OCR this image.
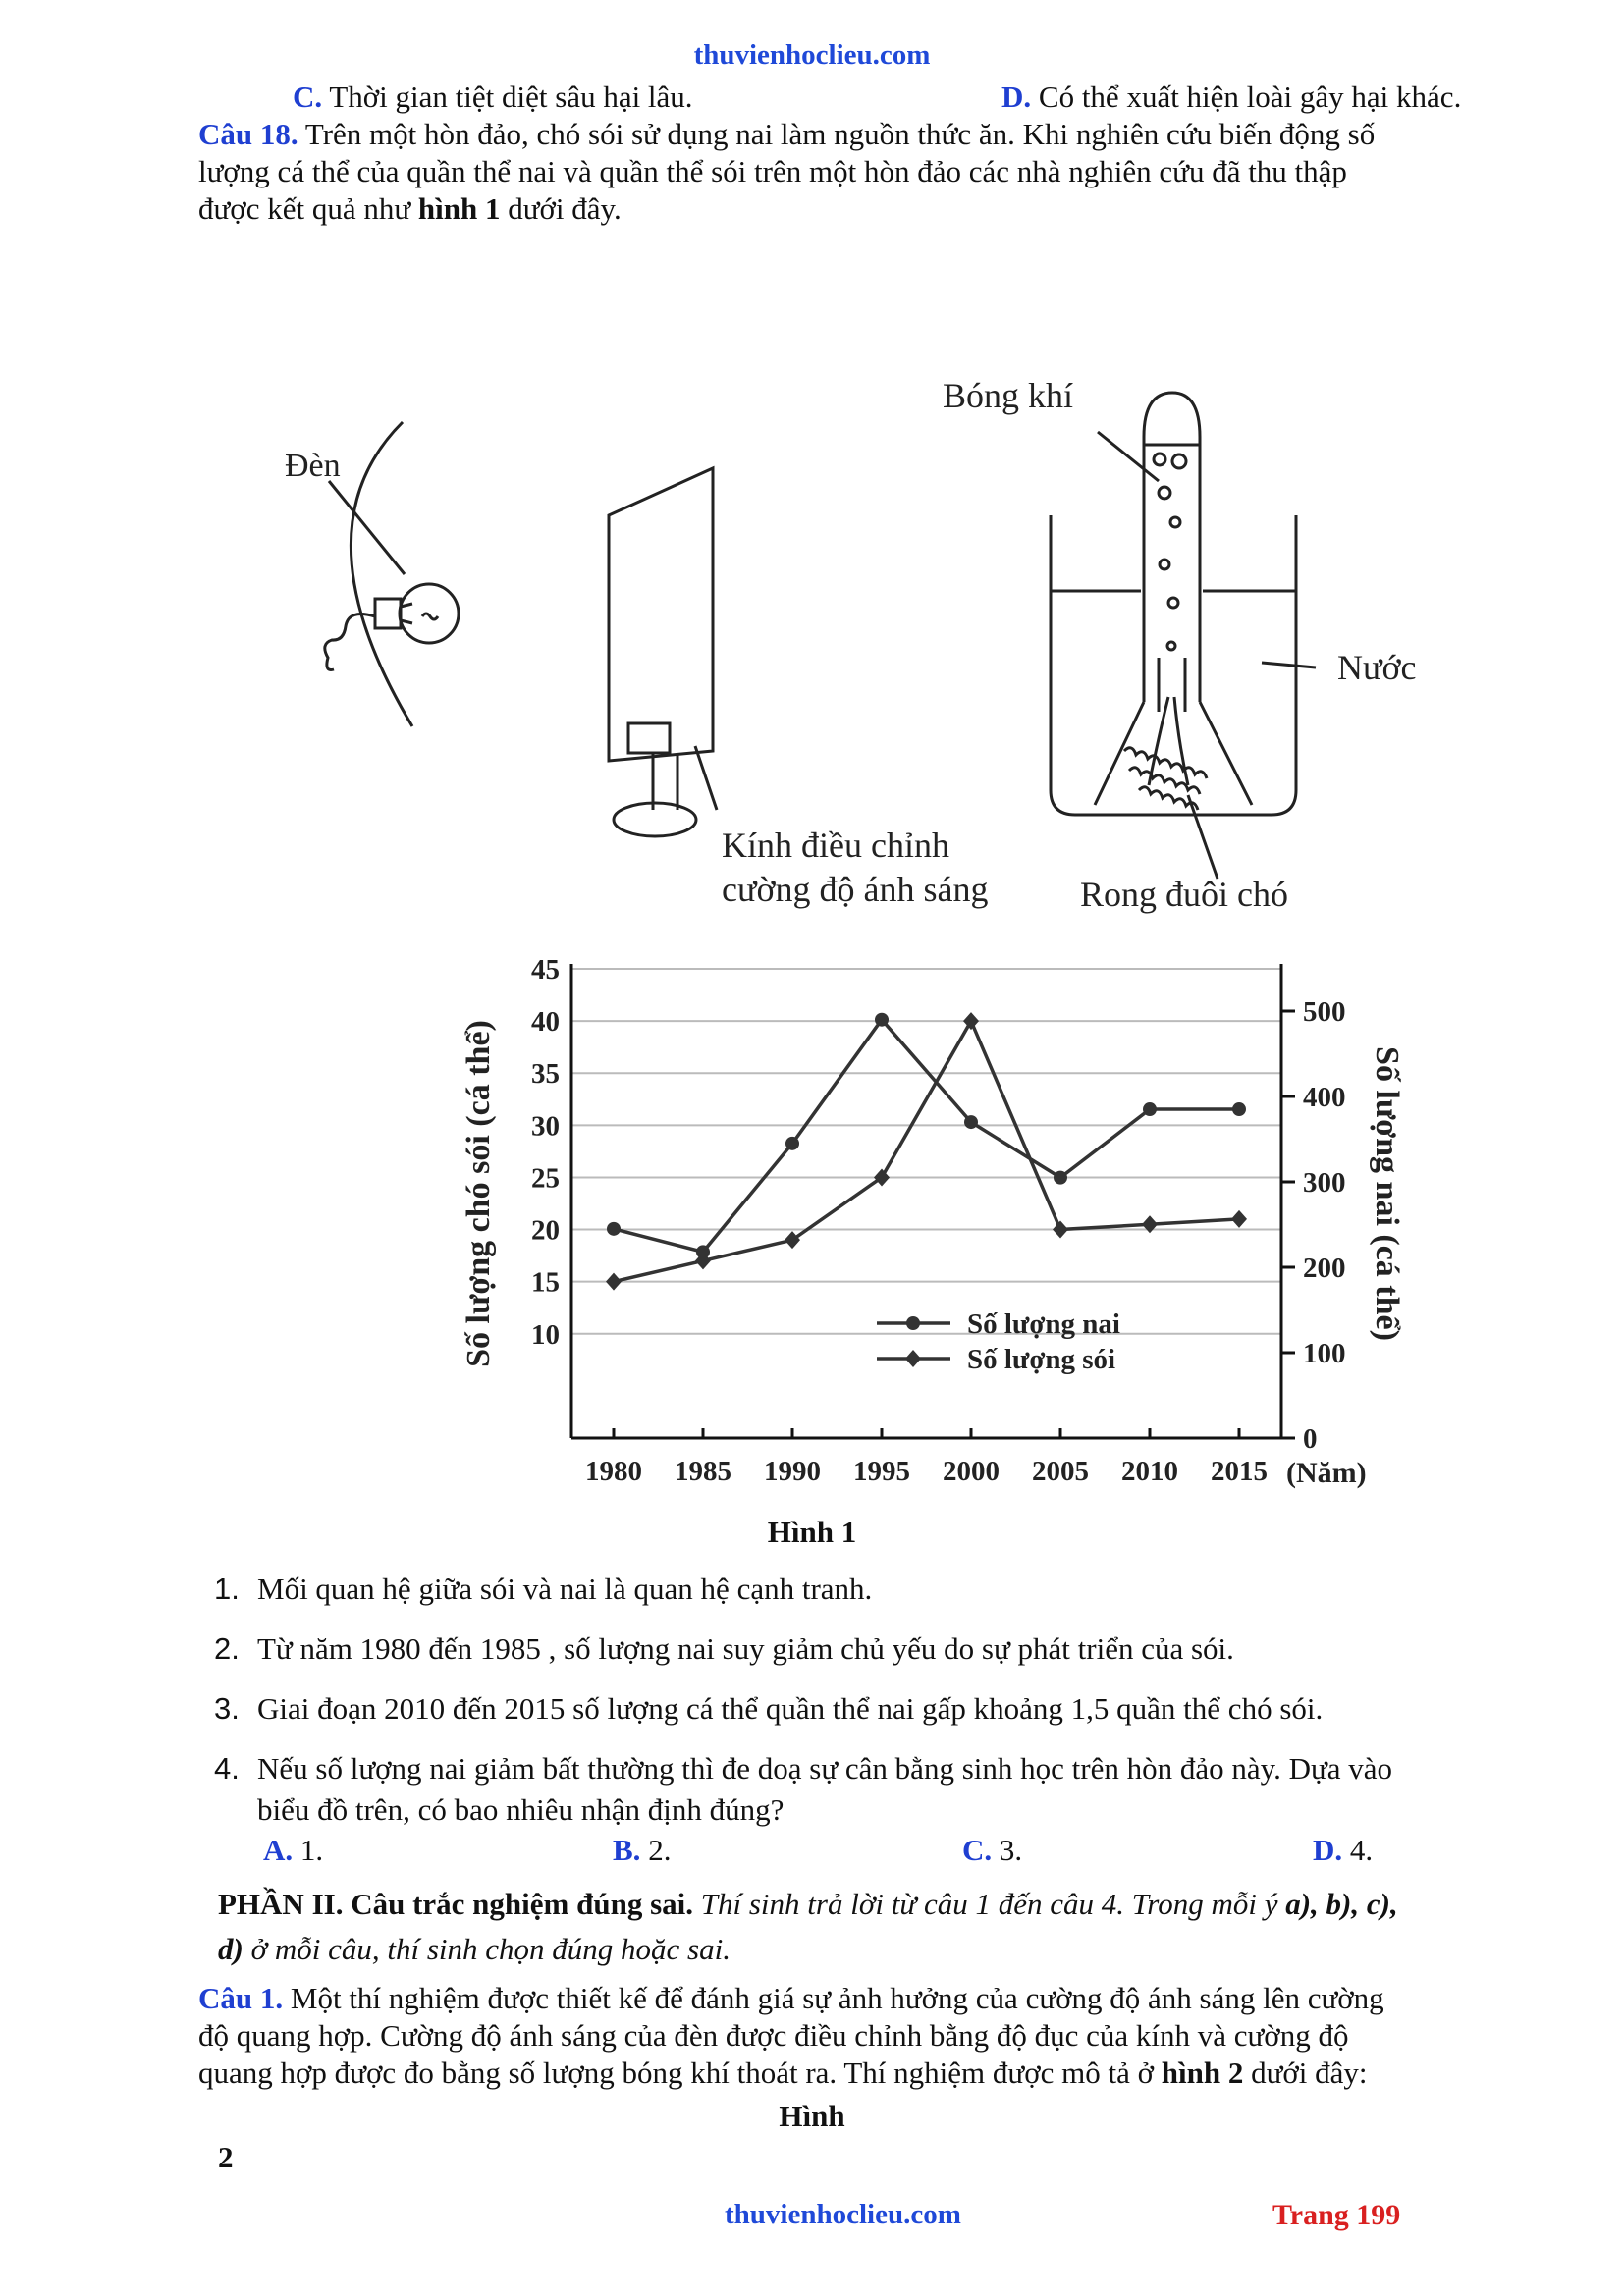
thuvienhoclieu.com
C. Thời gian tiệt diệt sâu hại lâu.	D. Có thể xuất hiện loài gây hại khác.
Câu 18. Trên một hòn đảo, chó sói sử dụng nai làm nguồn thức ăn. Khi nghiên cứu biến động số
lượng cá thể của quần thể nai và quần thể sói trên một hòn đảo các nhà nghiên cứu đã thu thập
được kết quả như hình 1 dưới đây.
Đèn
Kính điều chỉnh
cường độ ánh sáng
Bóng khí
Nước
Rong đuôi chó
10
15
20
25
30
35
40
45
0
100
200
300
400
500
1980 1985 1990 1995 2000 2005 2010 2015
Số lượng chó sói (cá thể)	Số lượng nai (cá thể)
(Năm)
Số lượng nai
Số lượng sói
Hình 1
1. Mối quan hệ giữa sói và nai là quan hệ cạnh tranh.
2. Từ năm 1980 đến 1985 , số lượng nai suy giảm chủ yếu do sự phát triển của sói.
3. Giai đoạn 2010 đến 2015 số lượng cá thể quần thể nai gấp khoảng 1,5 quần thể chó sói.
4. Nếu số lượng nai giảm bất thường thì đe doạ sự cân bằng sinh học trên hòn đảo này. Dựa vào
biểu đồ trên, có bao nhiêu nhận định đúng?
A. 1.	B. 2.	C. 3.	D. 4.
PHẦN II. Câu trắc nghiệm đúng sai. Thí sinh trả lời từ câu 1 đến câu 4. Trong mỗi ý a), b), c),
d) ở mỗi câu, thí sinh chọn đúng hoặc sai.
Câu 1. Một thí nghiệm được thiết kế để đánh giá sự ảnh hưởng của cường độ ánh sáng lên cường
độ quang hợp. Cường độ ánh sáng của đèn được điều chỉnh bằng độ đục của kính và cường độ
quang hợp được đo bằng số lượng bóng khí thoát ra. Thí nghiệm được mô tả ở hình 2 dưới đây:
Hình
2
thuvienhoclieu.com	Trang 199
